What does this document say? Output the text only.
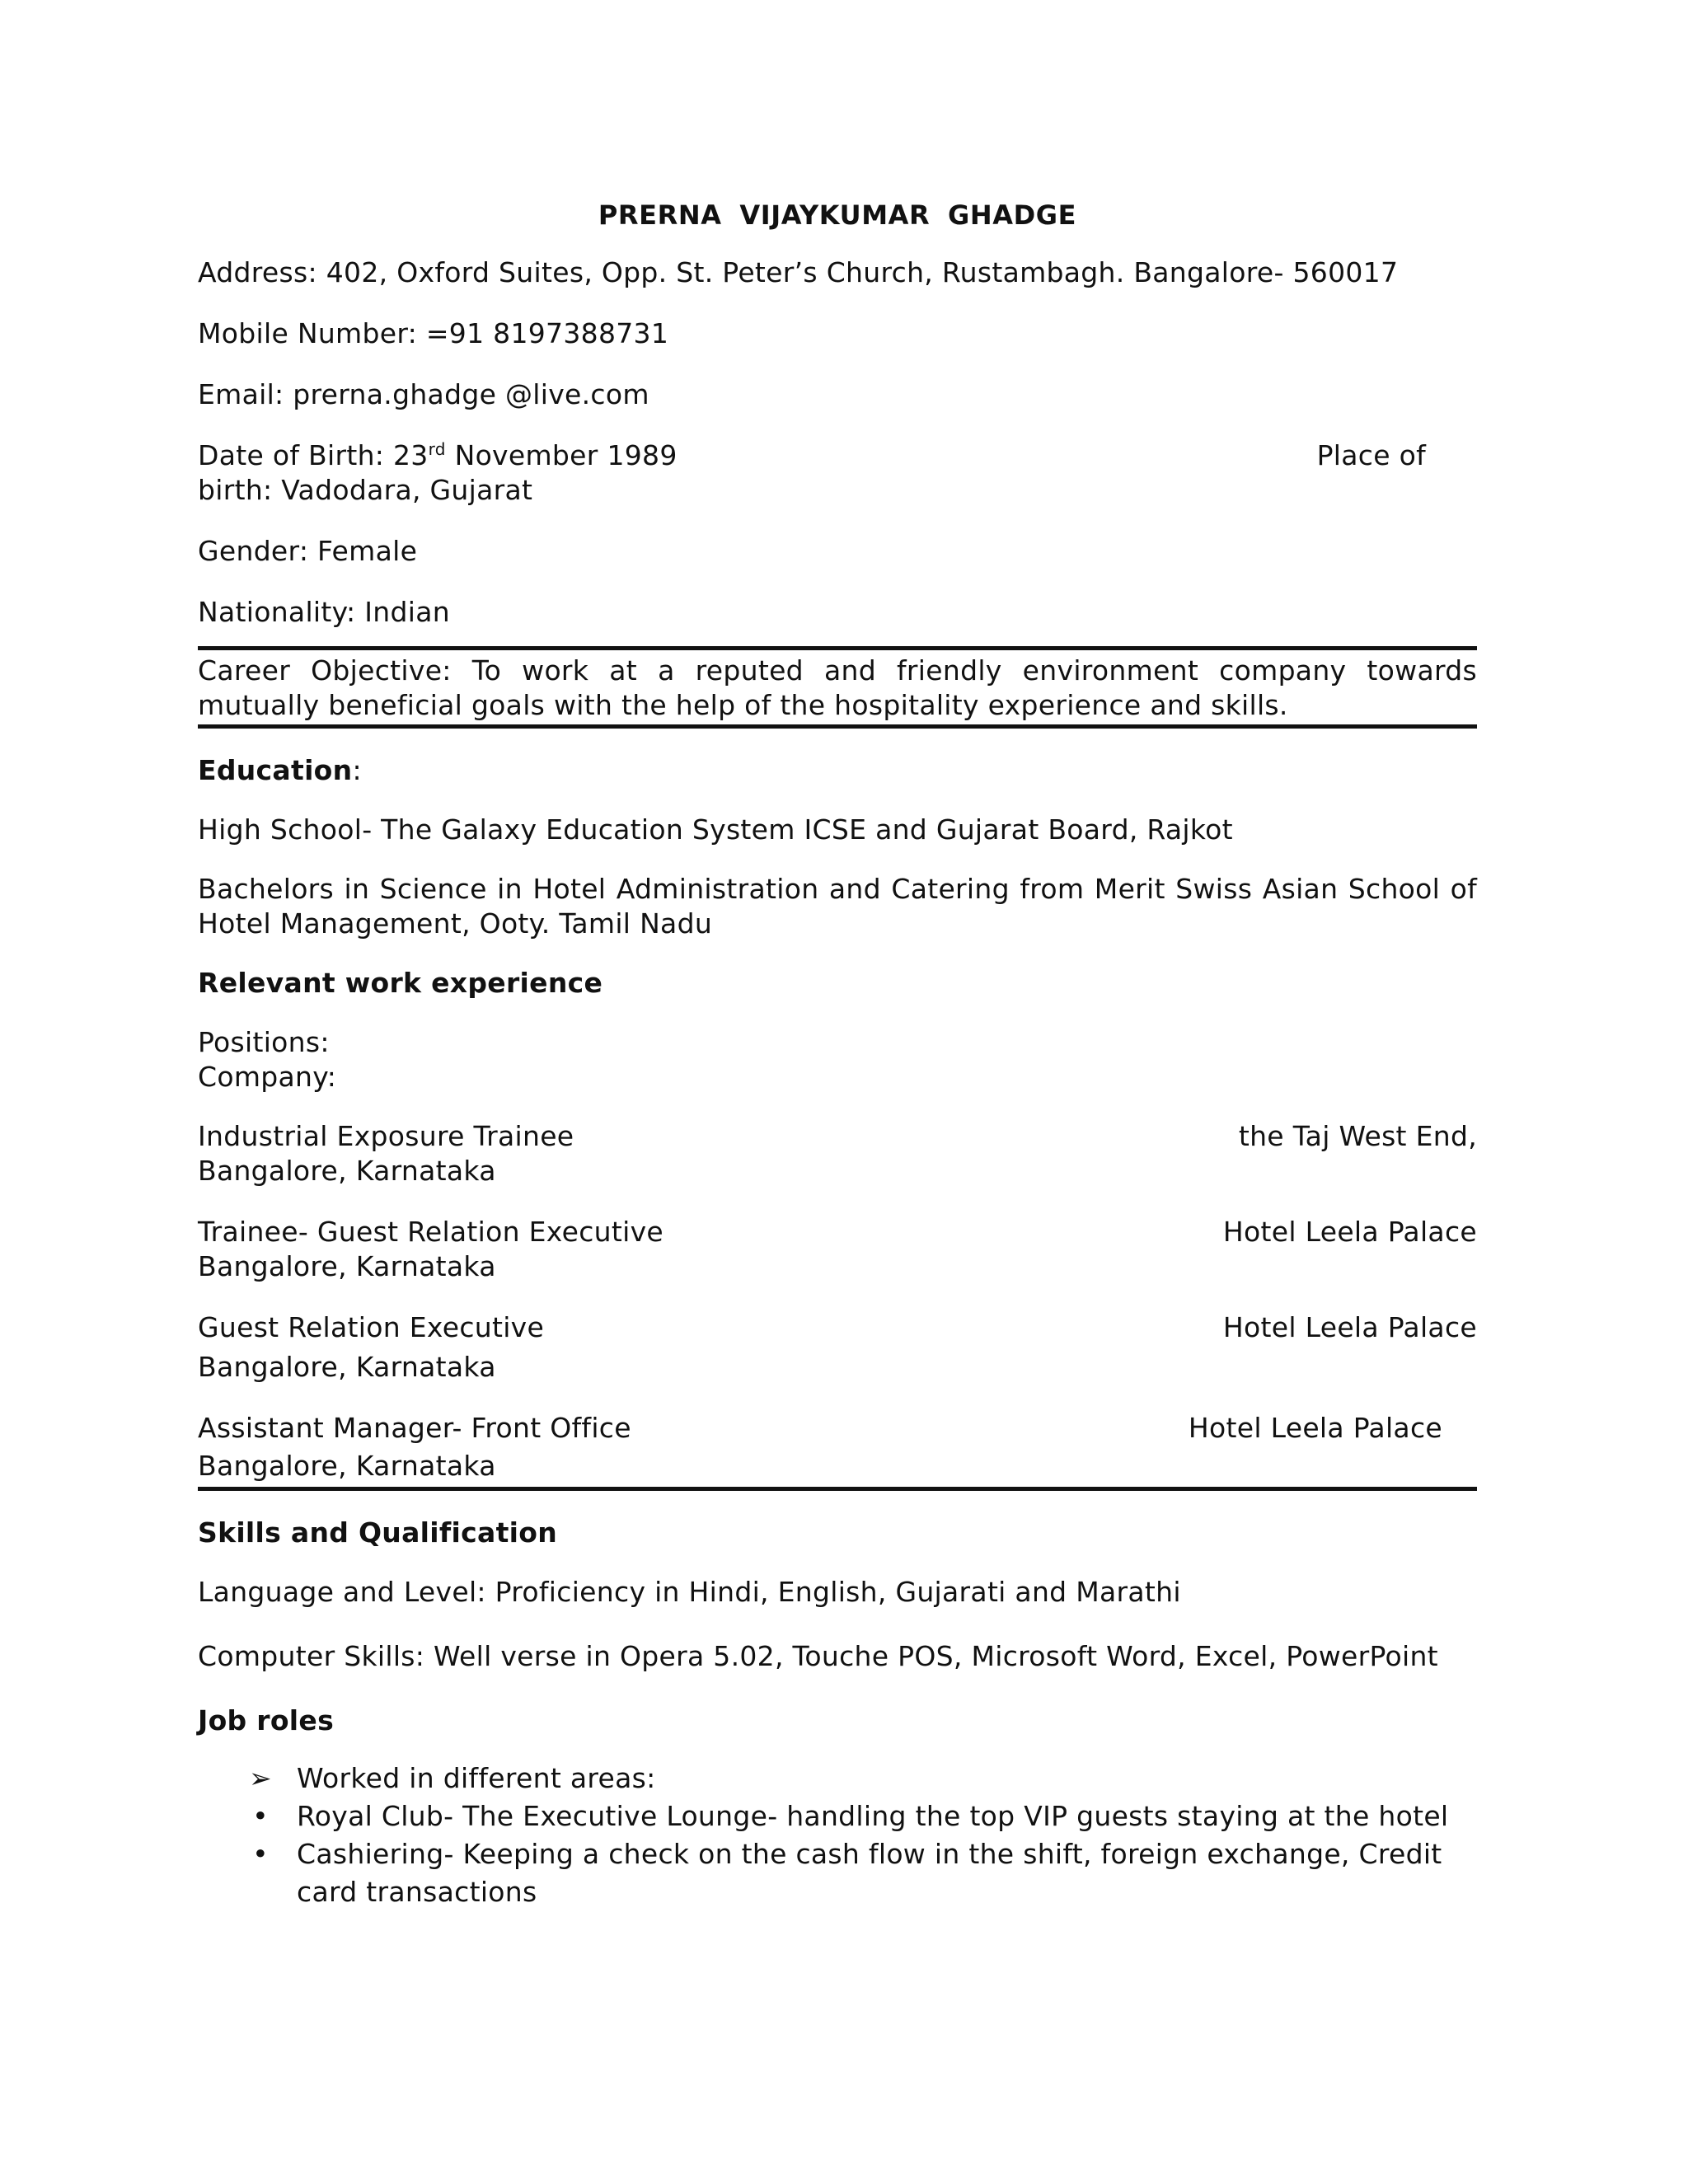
PRERNA VIJAYKUMAR GHADGE
Address: 402, Oxford Suites, Opp. St. Peter’s Church, Rustambagh. Bangalore- 560017
Mobile Number: =91 8197388731
Email: prerna.ghadge @live.com
Date of Birth: 23rd November 1989	Place of
birth: Vadodara, Gujarat
Gender: Female
Nationality: Indian
Career Objective: To work at a reputed and friendly environment company towards mutually beneficial goals with the help of the hospitality experience and skills.
Education:
High School- The Galaxy Education System ICSE and Gujarat Board, Rajkot
Bachelors in Science in Hotel Administration and Catering from Merit Swiss Asian School of Hotel Management, Ooty. Tamil Nadu
Relevant work experience
Positions:
Company:
Industrial Exposure Trainee	the Taj West End,
Bangalore, Karnataka
Trainee- Guest Relation Executive	Hotel Leela Palace
Bangalore, Karnataka
Guest Relation Executive	Hotel Leela Palace
Bangalore, Karnataka
Assistant Manager- Front Office	Hotel Leela Palace
Bangalore, Karnataka
Skills and Qualification
Language and Level: Proficiency in Hindi, English, Gujarati and Marathi
Computer Skills: Well verse in Opera 5.02, Touche POS, Microsoft Word, Excel, PowerPoint
Job roles
➢ Worked in different areas:
•	Royal Club- The Executive Lounge- handling the top VIP guests staying at the hotel
•	Cashiering- Keeping a check on the cash flow in the shift, foreign exchange, Credit card transactions
